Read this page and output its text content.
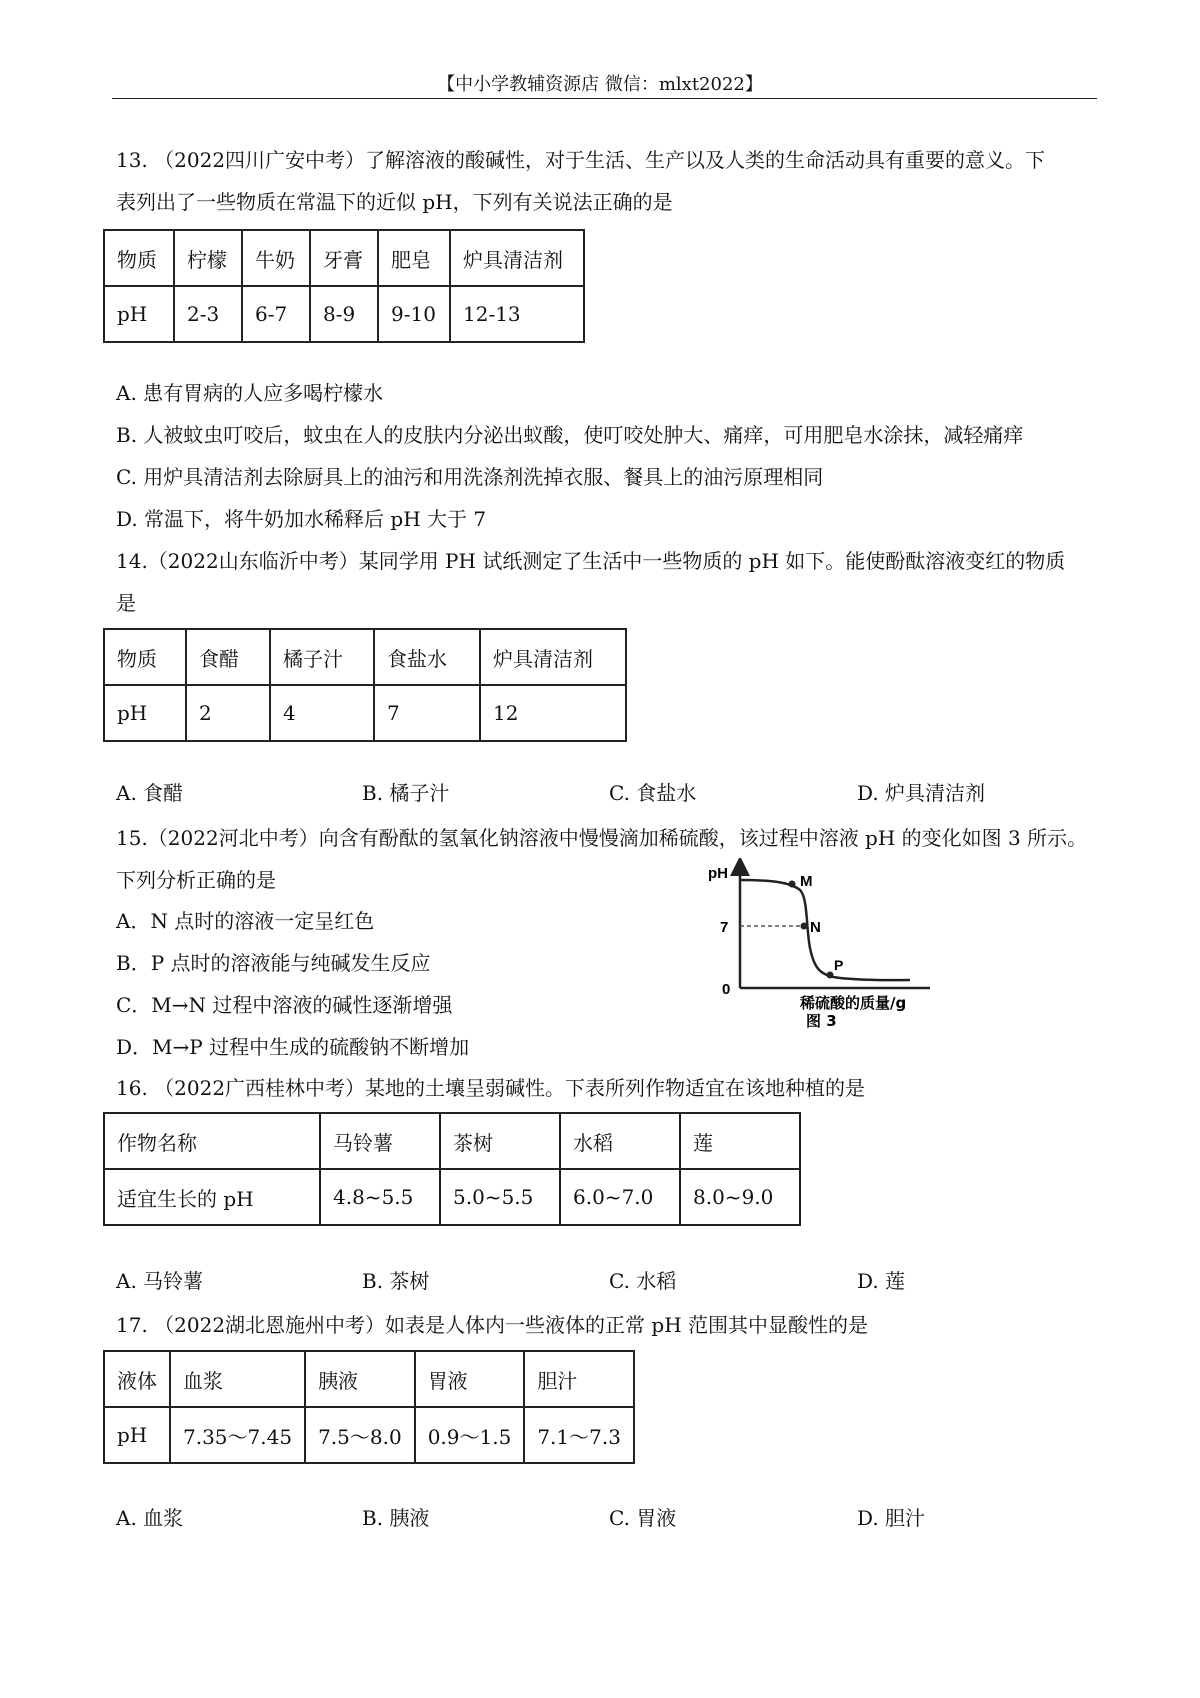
【中小学教辅资源店 微信：mlxt2022】
13. （2022四川广安中考）了解溶液的酸碱性，对于生活、生产以及人类的生命活动具有重要的意义。下
表列出了一些物质在常温下的近似 pH，下列有关说法正确的是
物质	柠檬	牛奶	牙膏	肥皂	炉具清洁剂
pH	2-3	6-7	8-9	9-10	12-13
A. 患有胃病的人应多喝柠檬水
B. 人被蚊虫叮咬后，蚊虫在人的皮肤内分泌出蚁酸，使叮咬处肿大、痛痒，可用肥皂水涂抹，减轻痛痒
C. 用炉具清洁剂去除厨具上的油污和用洗涤剂洗掉衣服、餐具上的油污原理相同
D. 常温下，将牛奶加水稀释后 pH 大于 7
14.（2022山东临沂中考）某同学用 PH 试纸测定了生活中一些物质的 pH 如下。能使酚酞溶液变红的物质
是
物质	食醋	橘子汁	食盐水	炉具清洁剂
pH	2	4	7	12
A. 食醋	B. 橘子汁	C. 食盐水	D. 炉具清洁剂
15.（2022河北中考）向含有酚酞的氢氧化钠溶液中慢慢滴加稀硫酸，该过程中溶液 pH 的变化如图 3 所示。
下列分析正确的是
A．N 点时的溶液一定呈红色
B．P 点时的溶液能与纯碱发生反应
C．M→N 过程中溶液的碱性逐渐增强
D．M→P 过程中生成的硫酸钠不断增加
pH
7
0
M
N
P
稀硫酸的质量/g
图 3
16. （2022广西桂林中考）某地的土壤呈弱碱性。下表所列作物适宜在该地种植的是
作物名称	马铃薯	茶树	水稻	莲
适宜生长的 pH	4.8~5.5	5.0~5.5	6.0~7.0	8.0~9.0
A. 马铃薯	B. 茶树	C. 水稻	D. 莲
17. （2022湖北恩施州中考）如表是人体内一些液体的正常 pH 范围其中显酸性的是
液体	血浆	胰液	胃液	胆汁
pH	7.35～7.45	7.5～8.0	0.9～1.5	7.1～7.3
A. 血浆	B. 胰液	C. 胃液	D. 胆汁
